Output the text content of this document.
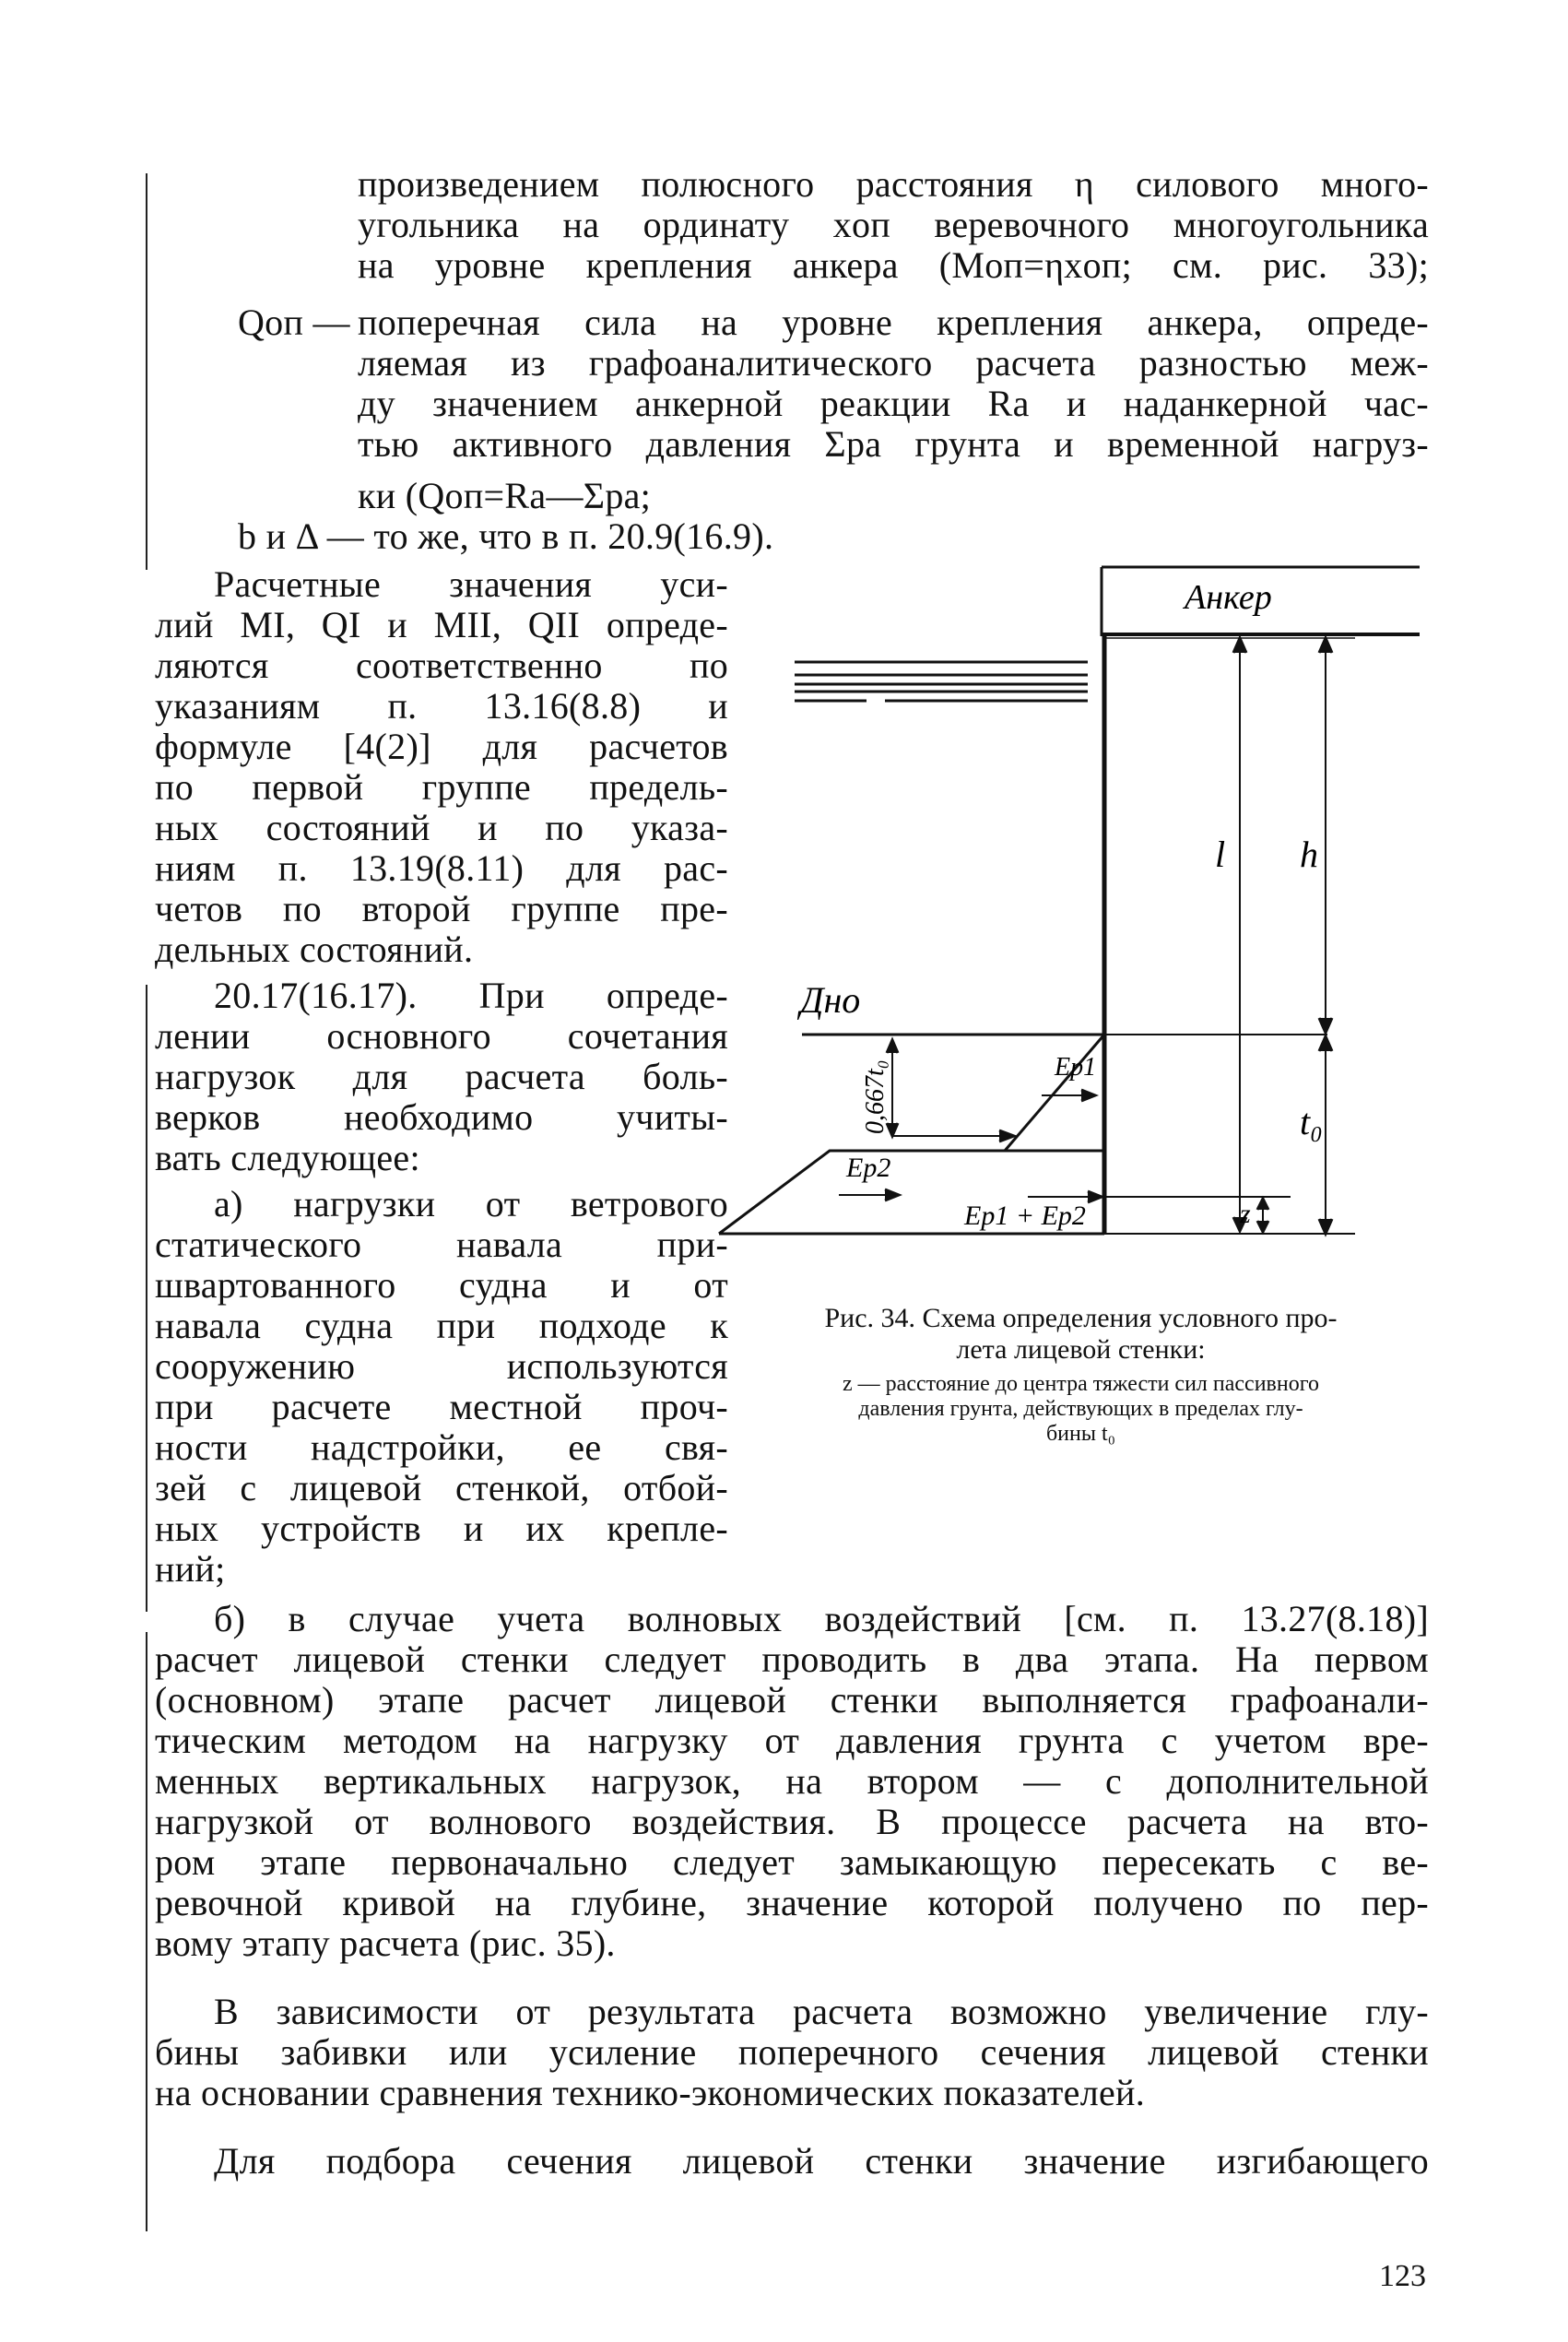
произведением полюсного расстояния η силового много-
угольника на ординату xоп веревочного многоугольника
на уровне крепления анкера (Mоп=ηxоп; см. рис. 33);
Qоп — поперечная сила на уровне крепления анкера, опреде-
ляемая из графоаналитического расчета разностью меж-
ду значением анкерной реакции Rа и наданкерной час-
тью активного давления Σpa грунта и временной нагруз-
ки (Qоп=Rа—Σpa;
b и Δ — то же, что в п. 20.9(16.9).
Расчетные значения уси-
лий MI, QI и MII, QII опреде-
ляются соответственно по
указаниям п. 13.16(8.8) и
формуле [4(2)] для расчетов
по первой группе предель-
ных состояний и по указа-
ниям п. 13.19(8.11) для рас-
четов по второй группе пре-
дельных состояний.
20.17(16.17). При опреде-
лении основного сочетания
нагрузок для расчета боль-
верков необходимо учиты-
вать следующее:
а) нагрузки от ветрового
статического навала при-
швартованного судна и от
навала судна при подходе к
сооружению используются
при расчете местной проч-
ности надстройки, ее свя-
зей с лицевой стенкой, отбой-
ных устройств и их крепле-
ний;
Анкер
Дно
l h
t₀
z
0,667t₀	Ep1
Ep2
Ep1 + Ep2
Рис. 34. Схема определения условного про-
лета лицевой стенки:
z — расстояние до центра тяжести сил пассивного
давления грунта, действующих в пределах глу-
бины t₀
б) в случае учета волновых воздействий [см. п. 13.27(8.18)]
расчет лицевой стенки следует проводить в два этапа. На первом
(основном) этапе расчет лицевой стенки выполняется графоанали-
тическим методом на нагрузку от давления грунта с учетом вре-
менных вертикальных нагрузок, на втором — с дополнительной
нагрузкой от волнового воздействия. В процессе расчета на вто-
ром этапе первоначально следует замыкающую пересекать с ве-
ревочной кривой на глубине, значение которой получено по пер-
вому этапу расчета (рис. 35).
В зависимости от результата расчета возможно увеличение глу-
бины забивки или усиление поперечного сечения лицевой стенки
на основании сравнения технико-экономических показателей.
Для подбора сечения лицевой стенки значение изгибающего
123
